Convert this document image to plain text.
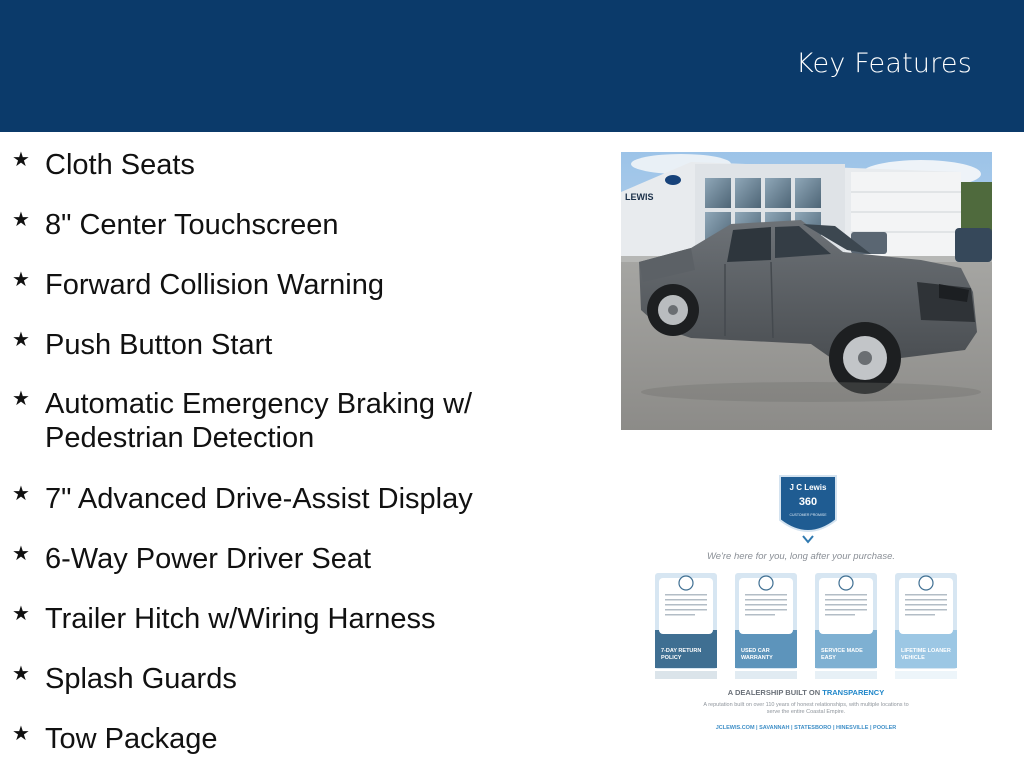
Key Features
★ Cloth Seats
★ 8" Center Touchscreen
★ Forward Collision Warning
★ Push Button Start
★ Automatic Emergency Braking w/ Pedestrian Detection
★ 7" Advanced Drive-Assist Display
★ 6-Way Power Driver Seat
★ Trailer Hitch w/Wiring Harness
★ Splash Guards
★ Tow Package
LEWIS
J C Lewis
360
CUSTOMER PROMISE
We're here for you, long after your purchase.
7-DAY RETURN
POLICY
USED CAR
WARRANTY
SERVICE MADE
EASY
LIFETIME LOANER
VEHICLE
A DEALERSHIP BUILT ON TRANSPARENCY
A reputation built on over 110 years of honest relationships, with multiple locations to
serve the entire Coastal Empire.
JCLEWIS.COM | SAVANNAH | STATESBORO | HINESVILLE | POOLER
